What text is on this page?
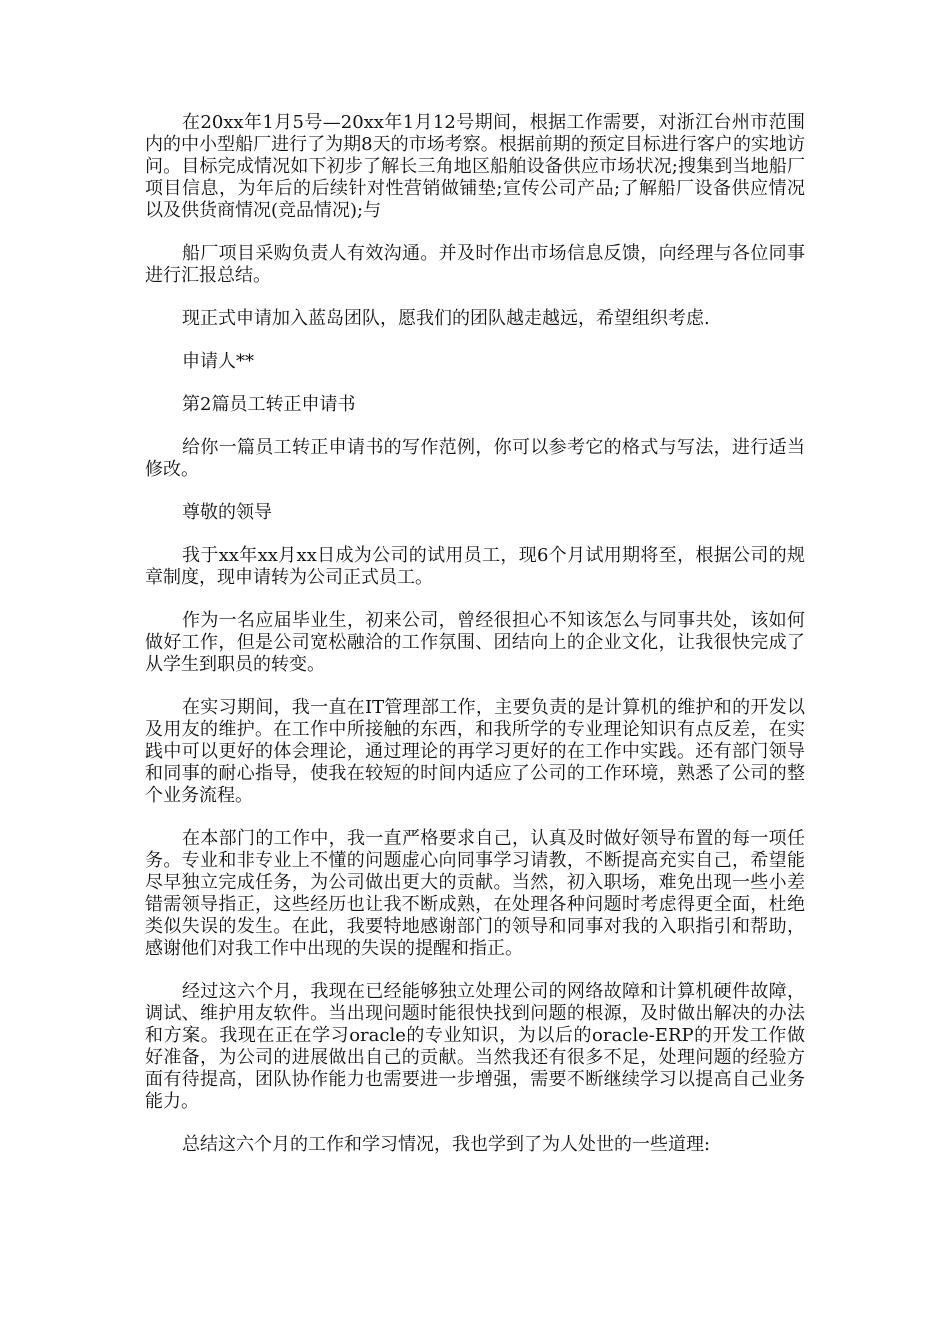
在20xx年1月5号—20xx年1月12号期间，根据工作需要，对浙江台州市范围内的中小型船厂进行了为期8天的市场考察。根据前期的预定目标进行客户的实地访问。目标完成情况如下初步了解长三角地区船舶设备供应市场状况;搜集到当地船厂项目信息，为年后的后续针对性营销做铺垫;宣传公司产品;了解船厂设备供应情况以及供货商情况(竞品情况);与

船厂项目采购负责人有效沟通。并及时作出市场信息反馈，向经理与各位同事进行汇报总结。

现正式申请加入蓝岛团队，愿我们的团队越走越远，希望组织考虑.

申请人**

第2篇员工转正申请书

给你一篇员工转正申请书的写作范例，你可以参考它的格式与写法，进行适当修改。

尊敬的领导

我于xx年xx月xx日成为公司的试用员工，现6个月试用期将至，根据公司的规章制度，现申请转为公司正式员工。

作为一名应届毕业生，初来公司，曾经很担心不知该怎么与同事共处，该如何做好工作，但是公司宽松融洽的工作氛围、团结向上的企业文化，让我很快完成了从学生到职员的转变。

在实习期间，我一直在IT管理部工作，主要负责的是计算机的维护和的开发以及用友的维护。在工作中所接触的东西，和我所学的专业理论知识有点反差，在实践中可以更好的体会理论，通过理论的再学习更好的在工作中实践。还有部门领导和同事的耐心指导，使我在较短的时间内适应了公司的工作环境，熟悉了公司的整个业务流程。

在本部门的工作中，我一直严格要求自己，认真及时做好领导布置的每一项任务。专业和非专业上不懂的问题虚心向同事学习请教，不断提高充实自己，希望能尽早独立完成任务，为公司做出更大的贡献。当然，初入职场，难免出现一些小差错需领导指正，这些经历也让我不断成熟，在处理各种问题时考虑得更全面，杜绝类似失误的发生。在此，我要特地感谢部门的领导和同事对我的入职指引和帮助，感谢他们对我工作中出现的失误的提醒和指正。

经过这六个月，我现在已经能够独立处理公司的网络故障和计算机硬件故障，调试、维护用友软件。当出现问题时能很快找到问题的根源，及时做出解决的办法和方案。我现在正在学习oracle的专业知识，为以后的oracle-ERP的开发工作做好准备，为公司的进展做出自己的贡献。当然我还有很多不足，处理问题的经验方面有待提高，团队协作能力也需要进一步增强，需要不断继续学习以提高自己业务能力。

总结这六个月的工作和学习情况，我也学到了为人处世的一些道理:
